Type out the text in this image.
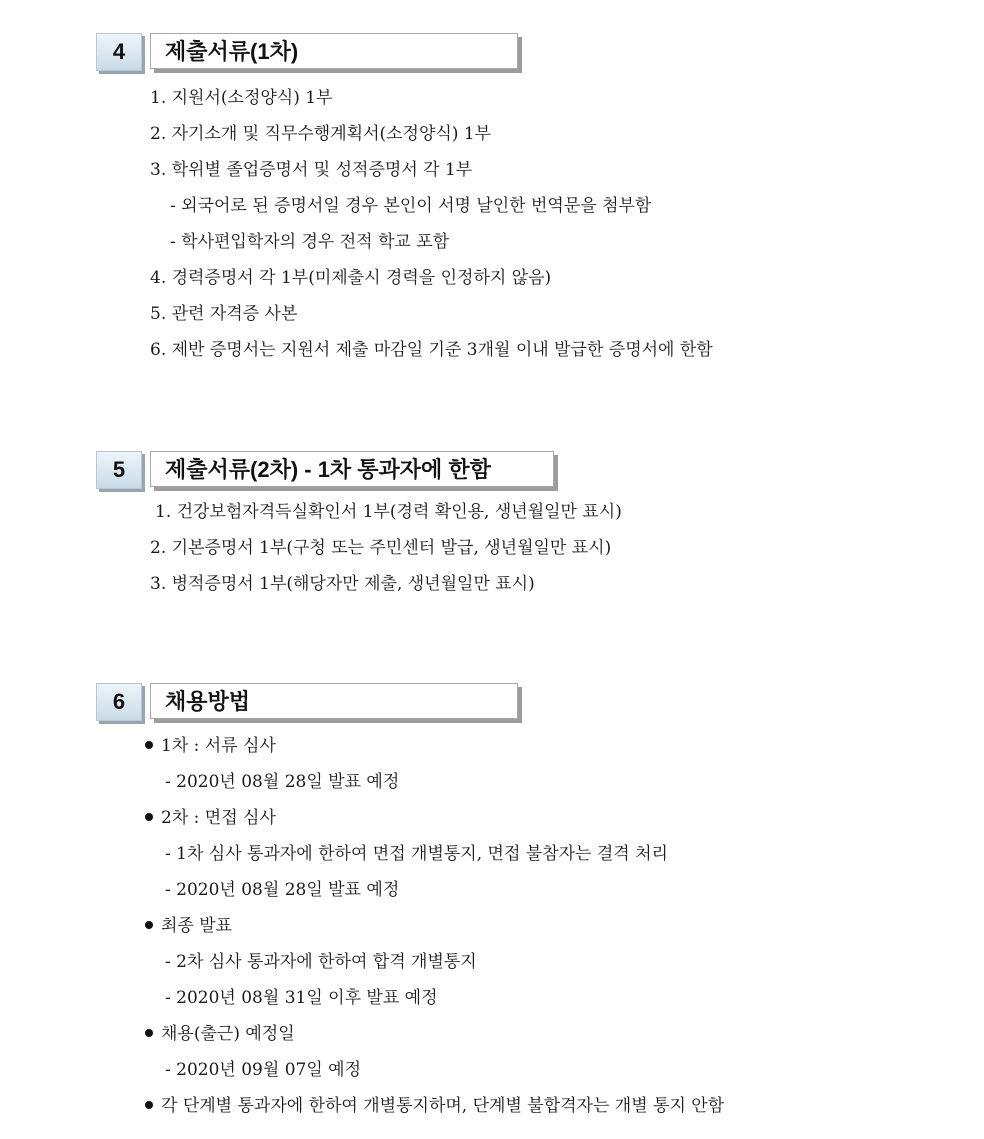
4	제출서류(1차)
1. 지원서(소정양식) 1부
2. 자기소개 및 직무수행계획서(소정양식) 1부
3. 학위별 졸업증명서 및 성적증명서 각 1부
- 외국어로 된 증명서일 경우 본인이 서명 날인한 번역문을 첨부함
- 학사편입학자의 경우 전적 학교 포함
4. 경력증명서 각 1부(미제출시 경력을 인정하지 않음)
5. 관련 자격증 사본
6. 제반 증명서는 지원서 제출 마감일 기준 3개월 이내 발급한 증명서에 한함
5	제출서류(2차) - 1차 통과자에 한함
1. 건강보험자격득실확인서 1부(경력 확인용, 생년월일만 표시)
2. 기본증명서 1부(구청 또는 주민센터 발급, 생년월일만 표시)
3. 병적증명서 1부(해당자만 제출, 생년월일만 표시)
6	채용방법
1차 : 서류 심사
- 2020년 08월 28일 발표 예정
2차 : 면접 심사
- 1차 심사 통과자에 한하여 면접 개별통지, 면접 불참자는 결격 처리
- 2020년 08월 28일 발표 예정
최종 발표
- 2차 심사 통과자에 한하여 합격 개별통지
- 2020년 08월 31일 이후 발표 예정
채용(출근) 예정일
- 2020년 09월 07일 예정
각 단계별 통과자에 한하여 개별통지하며, 단계별 불합격자는 개별 통지 안함
